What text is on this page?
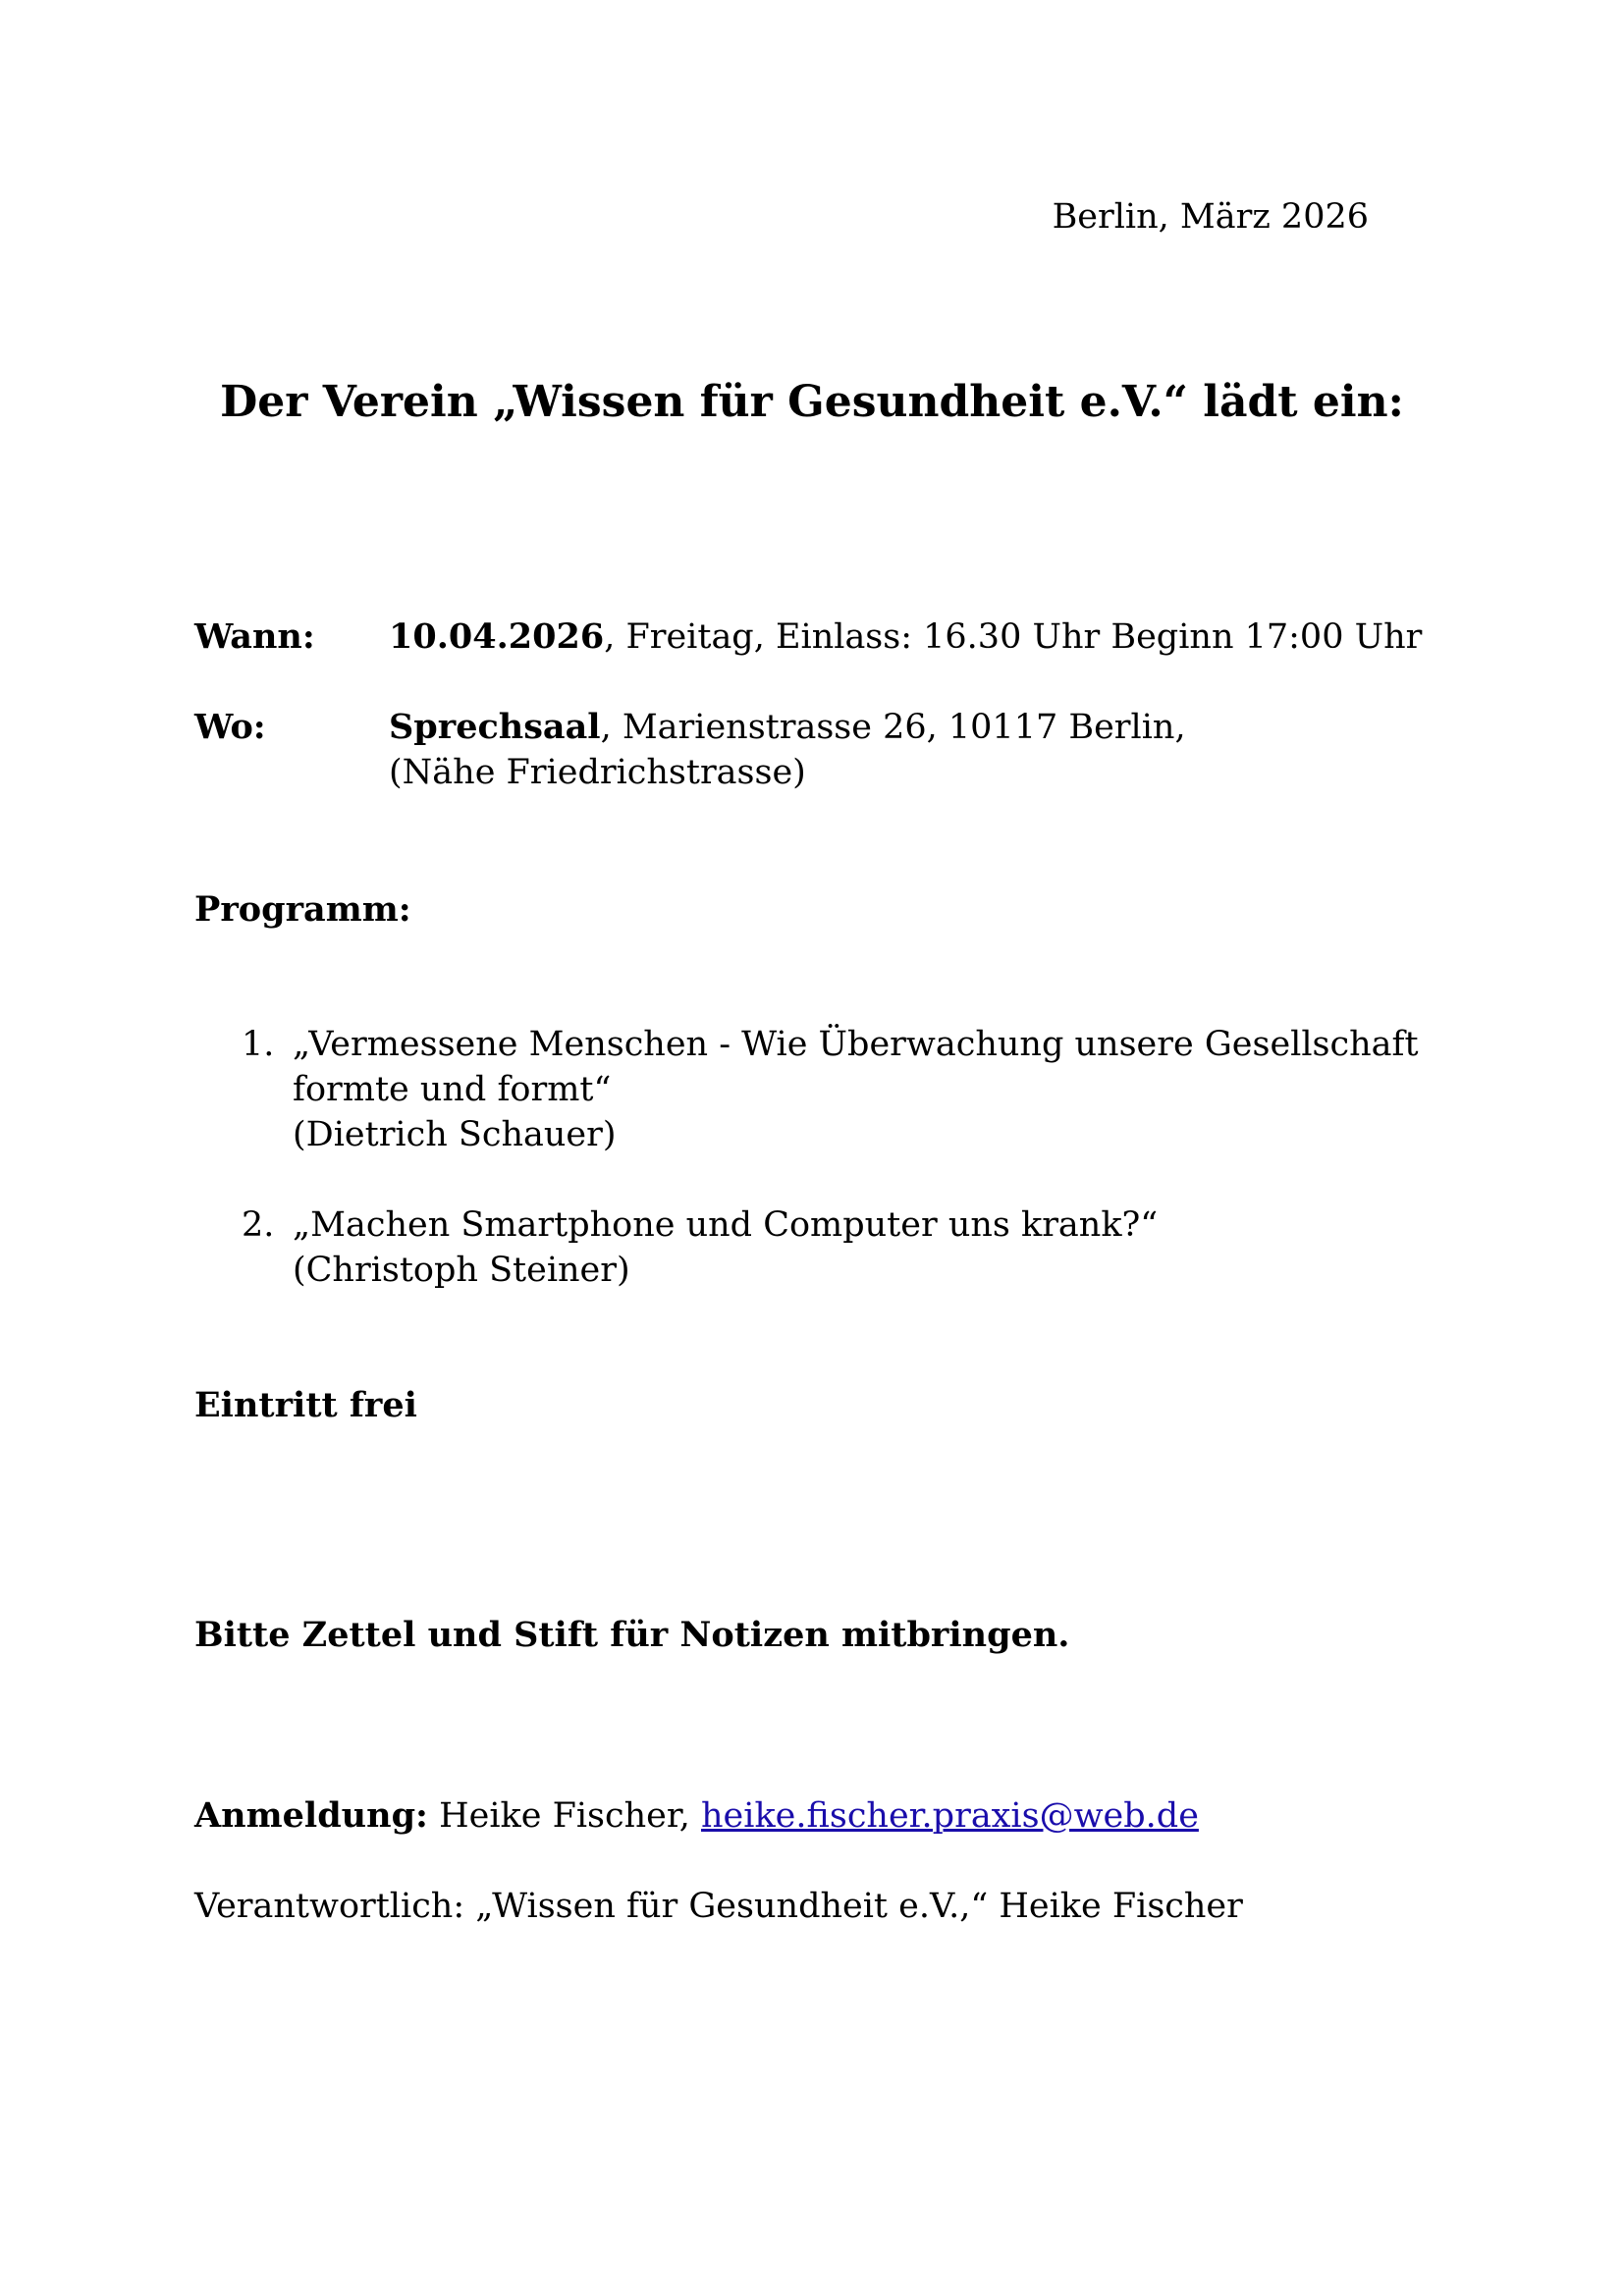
Berlin, März 2026
Der Verein „Wissen für Gesundheit e.V.“ lädt ein:
Wann: 10.04.2026, Freitag, Einlass: 16.30 Uhr Beginn 17:00 Uhr
Wo:	Sprechsaal, Marienstrasse 26, 10117 Berlin,
(Nähe Friedrichstrasse)
Programm:
1. „Vermessene Menschen - Wie Überwachung unsere Gesellschaft
formte und formt“
(Dietrich Schauer)
2. „Machen Smartphone und Computer uns krank?“
(Christoph Steiner)
Eintritt frei
Bitte Zettel und Stift für Notizen mitbringen.
Anmeldung: Heike Fischer, heike.fischer.praxis@web.de
Verantwortlich: „Wissen für Gesundheit e.V.,“ Heike Fischer
